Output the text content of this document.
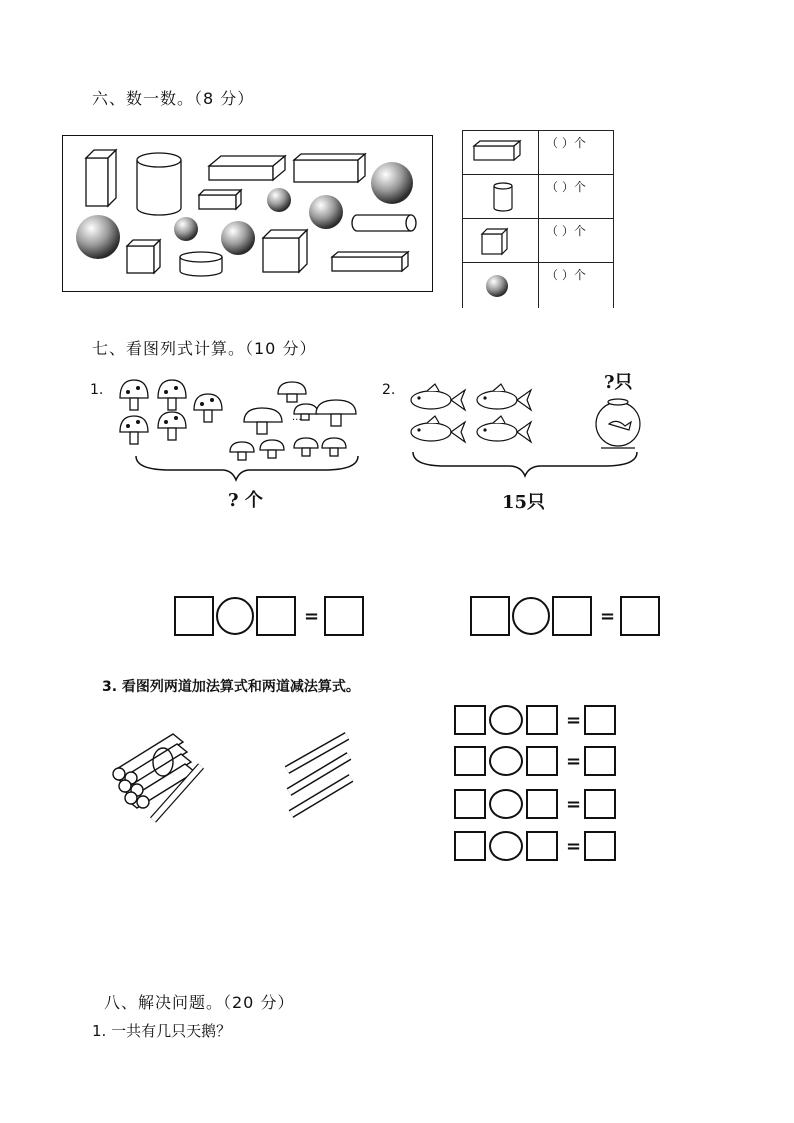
六、数一数。（8 分）
（ ）个
（ ）个
（ ）个
（ ）个
七、看图列式计算。（10 分）
1.
...
? 个
2.	?只
15只
=	=
3. 看图列两道加法算式和两道减法算式。
=
=
=
=
八、解决问题。（20 分）
1. 一共有几只天鹅？
